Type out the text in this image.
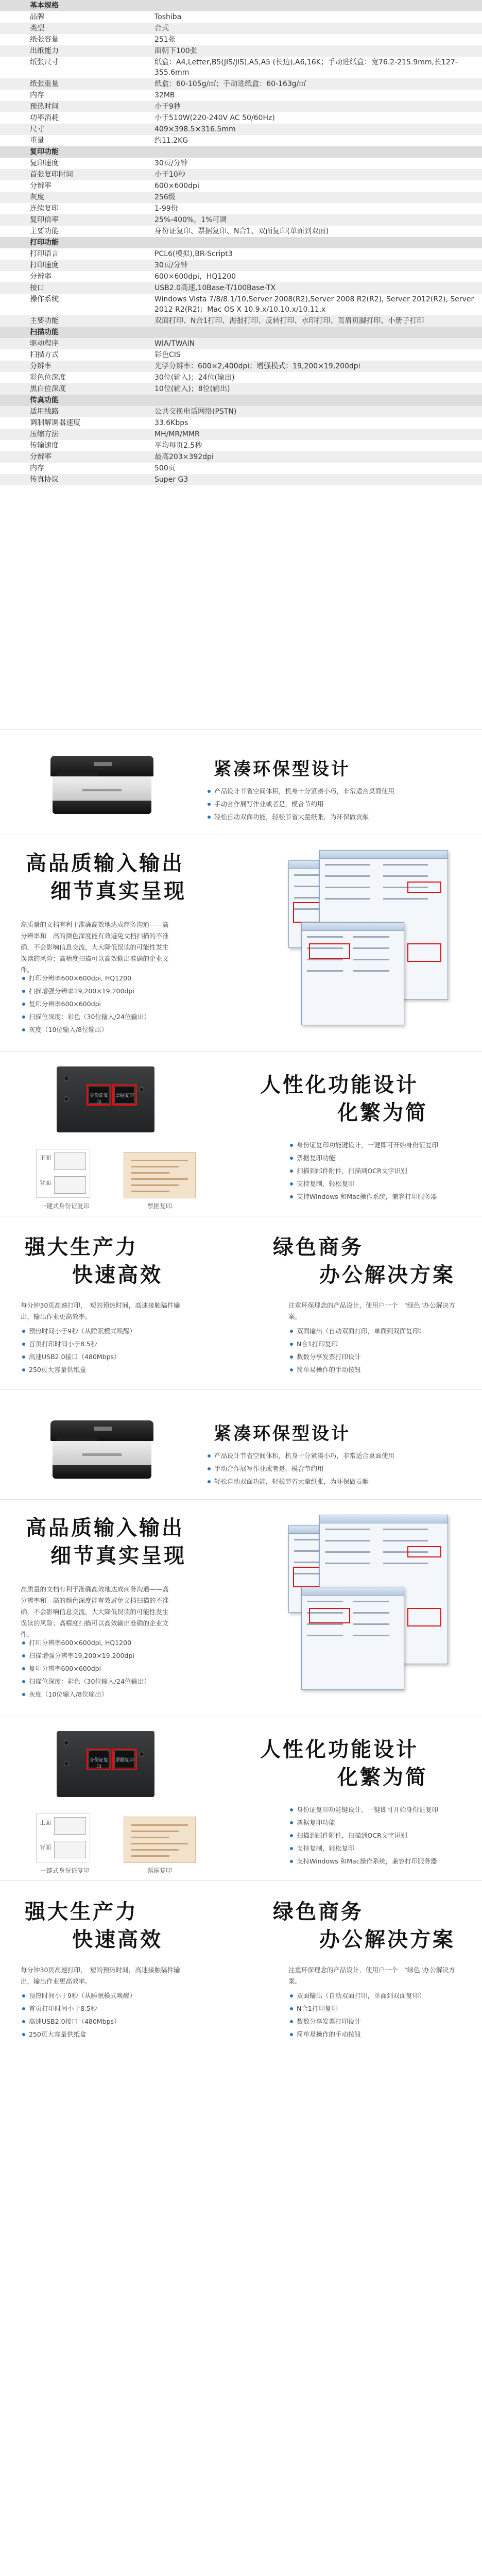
基本规格
品牌	Toshiba
类型	台式
纸张容量	251张
出纸能力	面朝下100张
纸张尺寸	纸盒：A4,Letter,B5(JIS/JIS),A5,A5 (长边),A6,16K；手动进纸盒：宽76.2-215.9mm,长127-355.6mm
纸张重量	纸盒：60-105g/㎡；手动进纸盒：60-163g/㎡
内存	32MB
预热时间	小于9秒
功率消耗	小于510W(220-240V AC 50/60Hz)
尺寸	409×398.5×316.5mm
重量	约11.2KG
复印功能
复印速度	30页/分钟
首张复印时间	小于10秒
分辨率	600×600dpi
灰度	256级
连续复印	1-99份
复印倍率	25%-400%，1%可调
主要功能	身份证复印、票据复印、N合1、双面复印(单面到双面)
打印功能
打印语言	PCL6(模拟),BR-Script3
打印速度	30页/分钟
分辨率	600×600dpi，HQ1200
接口	USB2.0高速,10Base-T/100Base-TX
操作系统	Windows Vista 7/8/8.1/10,Server 2008(R2),Server 2008 R2(R2), Server 2012(R2), Server 2012 R2(R2)；Mac OS X 10.9.x/10.10.x/10.11.x
主要功能	双面打印、N合1打印、海报打印、反转打印、水印打印、页眉页脚打印、小册子打印
扫描功能
驱动程序	WIA/TWAIN
扫描方式	彩色CIS
分辨率	光学分辨率：600×2,400dpi；增强模式：19,200×19,200dpi
彩色位深度	30位(输入)；24位(输出)
黑白位深度	10位(输入)；8位(输出)
传真功能
适用线路	公共交换电话网络(PSTN)
调制解调器速度	33.6Kbps
压缩方法	MH/MR/MMR
传输速度	平均每页2.5秒
分辨率	最高203×392dpi
内存	500页
传真协议	Super G3
紧凑环保型设计
产品设计节省空间体积，机身十分紧凑小巧，非常适合桌面使用
手动合作展写作业或者是，模合节约用
轻松自动双面功能，轻松节省大量纸张，为环保做贡献
高品质输入输出
细节真实呈现
高质量的文档有利于准确高效地达成商务沟通——高分辨率和　高的颜色深度能有效避免文档扫描的不准确，不会影响信息交流，大大降低误读的可能性发生误读的风险；高精度扫描可以高效输出准确的企业文件。
打印分辨率600×600dpi, HQ1200
扫描增强分辨率19,200×19,200dpi
复印分辨率600×600dpi
扫描位深度：彩色（30位输入/24位输出）
灰度（10位输入/8位输出）
身份证复印
票据复印
正面
背面
一键式身份证复印	票据复印
人性化功能设计
化繁为简
身份证复印功能键设计，一键即可开始身份证复印
票据复印功能
扫描到邮件附件，扫描到OCR文字识别
支持复制，轻松复印
支持Windows 和Mac操作系统，兼容打印服务器
强大生产力
快速高效
每分钟30页高速打印，　短的预热时间，高速接触稿件输出，输出作业更高效率。
预热时间小于9秒（从睡眠模式唤醒）
首页打印时间小于8.5秒
高速USB2.0接口（480Mbps）
250页大容量供纸盒
绿色商务
办公解决方案
注重环保理念的产品设计，使用户一个　"绿色"办公解决方案。
双面输出（自动双面打印，单面到双面复印）
N合1打印复印
数数分享发票打印设计
简单易操作的手动按钮
紧凑环保型设计
产品设计节省空间体积，机身十分紧凑小巧，非常适合桌面使用
手动合作展写作业或者是，模合节约用
轻松自动双面功能，轻松节省大量纸张，为环保做贡献
高品质输入输出
细节真实呈现
高质量的文档有利于准确高效地达成商务沟通——高分辨率和　高的颜色深度能有效避免文档扫描的不准确，不会影响信息交流，大大降低误读的可能性发生误读的风险；高精度扫描可以高效输出准确的企业文件。
打印分辨率600×600dpi, HQ1200
扫描增强分辨率19,200×19,200dpi
复印分辨率600×600dpi
扫描位深度：彩色（30位输入/24位输出）
灰度（10位输入/8位输出）
身份证复印
票据复印
正面
背面
一键式身份证复印	票据复印
人性化功能设计
化繁为简
身份证复印功能键设计，一键即可开始身份证复印
票据复印功能
扫描到邮件附件，扫描到OCR文字识别
支持复制，轻松复印
支持Windows 和Mac操作系统，兼容打印服务器
强大生产力
快速高效
每分钟30页高速打印，　短的预热时间，高速接触稿件输出，输出作业更高效率。
预热时间小于9秒（从睡眠模式唤醒）
首页打印时间小于8.5秒
高速USB2.0接口（480Mbps）
250页大容量供纸盒
绿色商务
办公解决方案
注重环保理念的产品设计，使用户一个　"绿色"办公解决方案。
双面输出（自动双面打印，单面到双面复印）
N合1打印复印
数数分享发票打印设计
简单易操作的手动按钮
